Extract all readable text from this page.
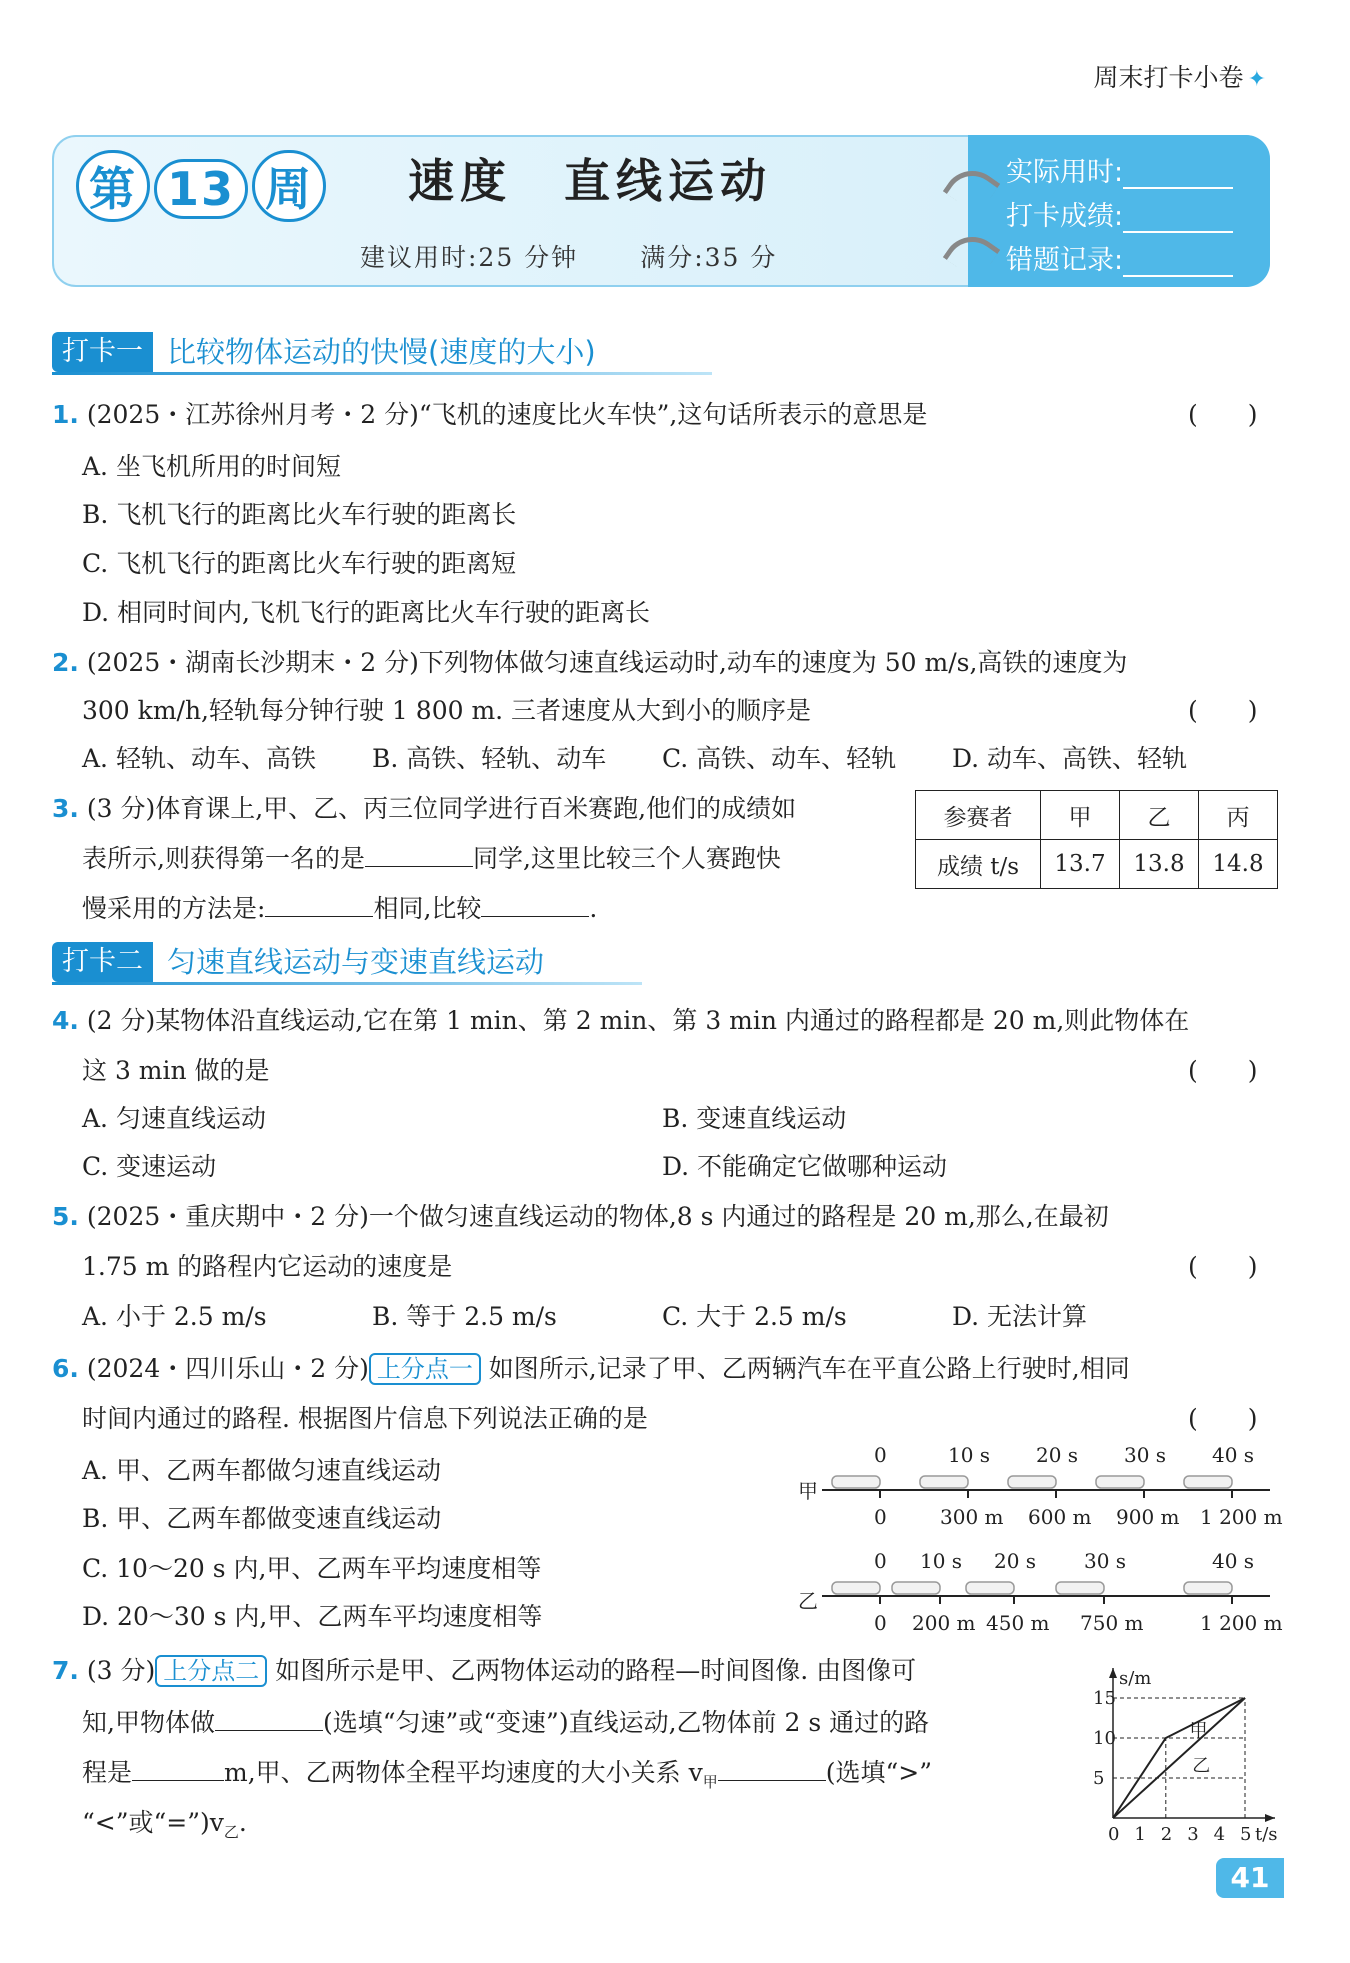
周末打卡小卷 ✦
第 13 周	速度　直线运动
建议用时:25 分钟 满分:35 分
实际用时:
打卡成绩:
错题记录:
打卡一 比较物体运动的快慢(速度的大小)
1. (2025・江苏徐州月考・2 分)“飞机的速度比火车快”,这句话所表示的意思是	(　　)
A. 坐飞机所用的时间短
B. 飞机飞行的距离比火车行驶的距离长
C. 飞机飞行的距离比火车行驶的距离短
D. 相同时间内,飞机飞行的距离比火车行驶的距离长
2. (2025・湖南长沙期末・2 分)下列物体做匀速直线运动时,动车的速度为 50 m/s,高铁的速度为
300 km/h,轻轨每分钟行驶 1 800 m. 三者速度从大到小的顺序是	(　　)
A. 轻轨、动车、高铁 B. 高铁、轻轨、动车 C. 高铁、动车、轻轨 D. 动车、高铁、轻轨
3. (3 分)体育课上,甲、乙、丙三位同学进行百米赛跑,他们的成绩如
表所示,则获得第一名的是	同学,这里比较三个人赛跑快
慢采用的方法是:	相同,比较	.
参赛者	甲	乙	丙
成绩 t/s	13.7	13.8	14.8
打卡二 匀速直线运动与变速直线运动
4. (2 分)某物体沿直线运动,它在第 1 min、第 2 min、第 3 min 内通过的路程都是 20 m,则此物体在
这 3 min 做的是	(　　)
A. 匀速直线运动	B. 变速直线运动
C. 变速运动	D. 不能确定它做哪种运动
5. (2025・重庆期中・2 分)一个做匀速直线运动的物体,8 s 内通过的路程是 20 m,那么,在最初
1.75 m 的路程内它运动的速度是	(　　)
A. 小于 2.5 m/s	B. 等于 2.5 m/s	C. 大于 2.5 m/s	D. 无法计算
6. (2024・四川乐山・2 分) 上分点一 如图所示,记录了甲、乙两辆汽车在平直公路上行驶时,相同
时间内通过的路程. 根据图片信息下列说法正确的是	(　　)
A. 甲、乙两车都做匀速直线运动
B. 甲、乙两车都做变速直线运动
C. 10～20 s 内,甲、乙两车平均速度相等
D. 20～30 s 内,甲、乙两车平均速度相等
甲
0	10 s 20 s 30 s 40 s
0	300 m 600 m 900 m 1 200 m
乙
0 10 s 20 s 30 s	40 s
0 200 m 450 m 750 m	1 200 m
7. (3 分) 上分点二 如图所示是甲、乙两物体运动的路程—时间图像. 由图像可
知,甲物体做	(选填“匀速”或“变速”)直线运动,乙物体前 2 s 通过的路
程是	m,甲、乙两物体全程平均速度的大小关系 $v_甲$	(选填“>”
“<”或“$=”)v_乙$.
s/m
t/s
0 1 2 3 4 5
5
10
15
甲
乙
41
